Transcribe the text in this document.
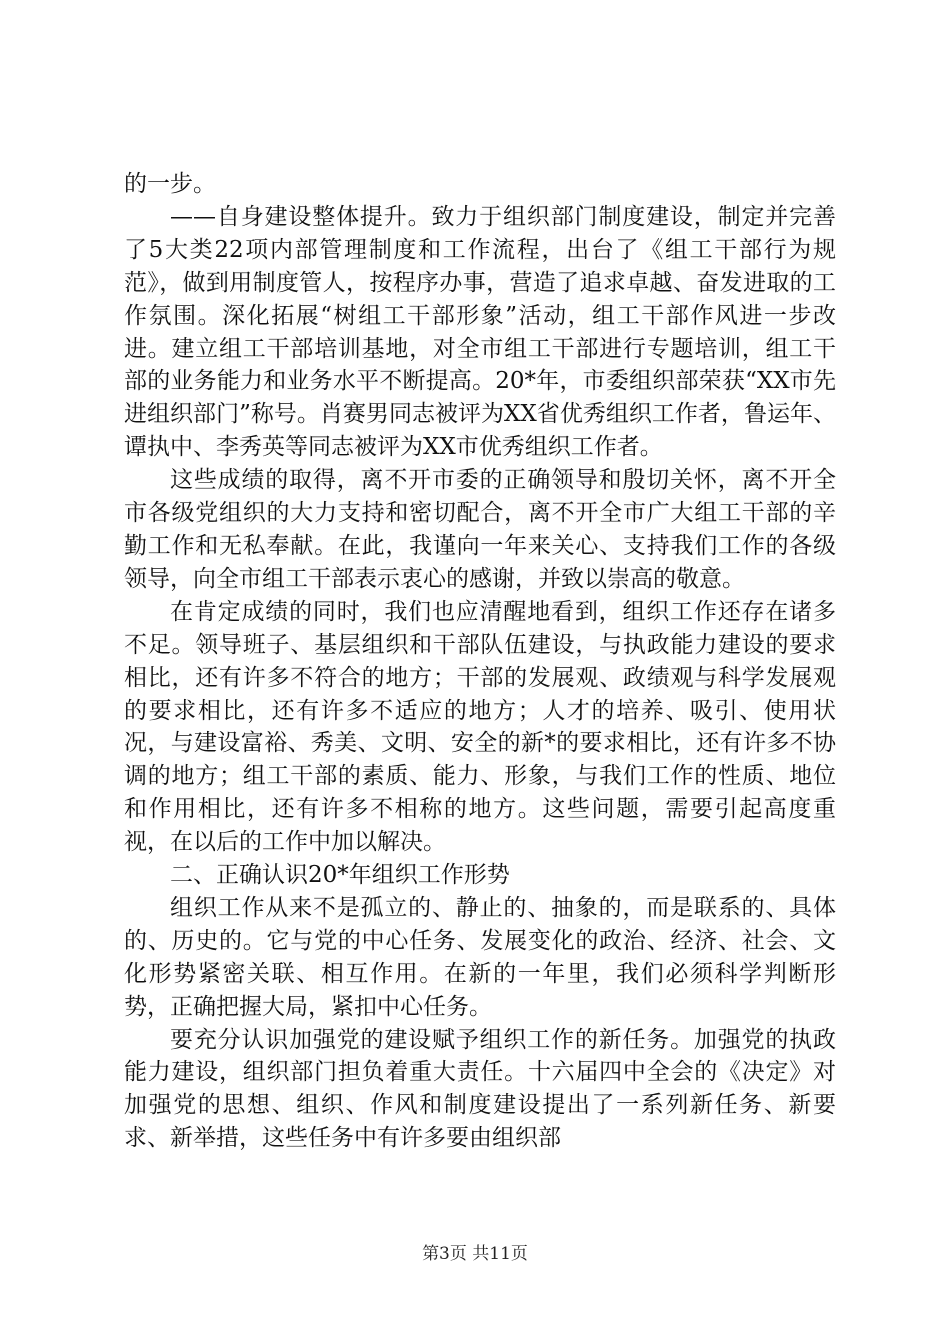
的一步。

——自身建设整体提升。致力于组织部门制度建设，制定并完善了5大类22项内部管理制度和工作流程，出台了《组工干部行为规范》，做到用制度管人，按程序办事，营造了追求卓越、奋发进取的工作氛围。深化拓展“树组工干部形象”活动，组工干部作风进一步改进。建立组工干部培训基地，对全市组工干部进行专题培训，组工干部的业务能力和业务水平不断提高。20*年，市委组织部荣获“XX市先进组织部门”称号。肖赛男同志被评为XX省优秀组织工作者，鲁运年、谭执中、李秀英等同志被评为XX市优秀组织工作者。

这些成绩的取得，离不开市委的正确领导和殷切关怀，离不开全市各级党组织的大力支持和密切配合，离不开全市广大组工干部的辛勤工作和无私奉献。在此，我谨向一年来关心、支持我们工作的各级领导，向全市组工干部表示衷心的感谢，并致以崇高的敬意。

在肯定成绩的同时，我们也应清醒地看到，组织工作还存在诸多不足。领导班子、基层组织和干部队伍建设，与执政能力建设的要求相比，还有许多不符合的地方；干部的发展观、政绩观与科学发展观的要求相比，还有许多不适应的地方；人才的培养、吸引、使用状况，与建设富裕、秀美、文明、安全的新*的要求相比，还有许多不协调的地方；组工干部的素质、能力、形象，与我们工作的性质、地位和作用相比，还有许多不相称的地方。这些问题，需要引起高度重视，在以后的工作中加以解决。

二、正确认识20*年组织工作形势

组织工作从来不是孤立的、静止的、抽象的，而是联系的、具体的、历史的。它与党的中心任务、发展变化的政治、经济、社会、文化形势紧密关联、相互作用。在新的一年里，我们必须科学判断形势，正确把握大局，紧扣中心任务。

要充分认识加强党的建设赋予组织工作的新任务。加强党的执政能力建设，组织部门担负着重大责任。十六届四中全会的《决定》对加强党的思想、组织、作风和制度建设提出了一系列新任务、新要求、新举措，这些任务中有许多要由组织部

第3页 共11页
